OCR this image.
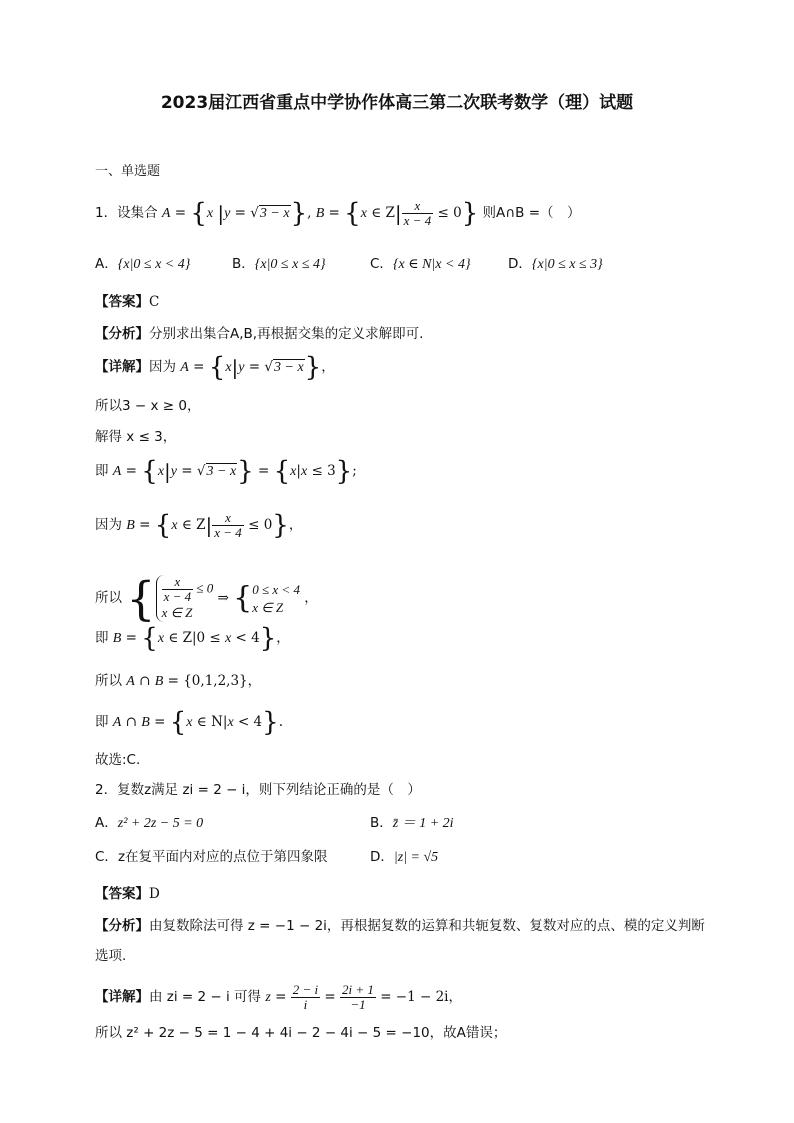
2023届江西省重点中学协作体高三第二次联考数学（理）试题
一、单选题
1．设集合 A = {x |y = √3 − x}, B = {x ∈ $Z| \frac{x}{x - 4} \le 0$} 则A∩B =（　）
A．{x|0 ≤ x < 4}	B．{x|0 ≤ x ≤ 4}	C．{x ∈ N|x < 4}	D．{x|0 ≤ x ≤ 3}
【答案】C
【分析】分别求出集合A,B,再根据交集的定义求解即可.
【详解】因为 A = {x|y = √3 − x}，
所以3 − x ≥ 0，
解得 x ≤ 3，
即 A = {x|y = √3 − x} = {x|x ≤ 3};
因为 B = {x ∈ $Z| \frac{x}{x - 4} \le 0$}，
所以 { $\frac{x}{x - 4} \le 0$
x ∈ Z ⇒ {0 ≤ x < 4
x ∈ Z ，
即 B = {x ∈ Z|0 ≤ x < 4}，
所以 A ∩ B = {0,1,2,3}，
即 A ∩ B = {x ∈ N|x < 4}.
故选:C.
2．复数z满足 zi = 2 − i，则下列结论正确的是（　）
A．z² + 2z − 5 = 0	B．z̄ ＝ 1 + 2i
C．z在复平面内对应的点位于第四象限	D．|z| = √5
【答案】D
【分析】由复数除法可得 z = −1 − 2i，再根据复数的运算和共轭复数、复数对应的点、模的定义判断
选项.
【详解】由 zi = 2 − i 可得 $z = \frac{2 - i}{i} = \frac{2i + 1}{-1} = -1 - 2i$，
所以 z² + 2z − 5 = 1 − 4 + 4i − 2 − 4i − 5 = −10，故A错误；
